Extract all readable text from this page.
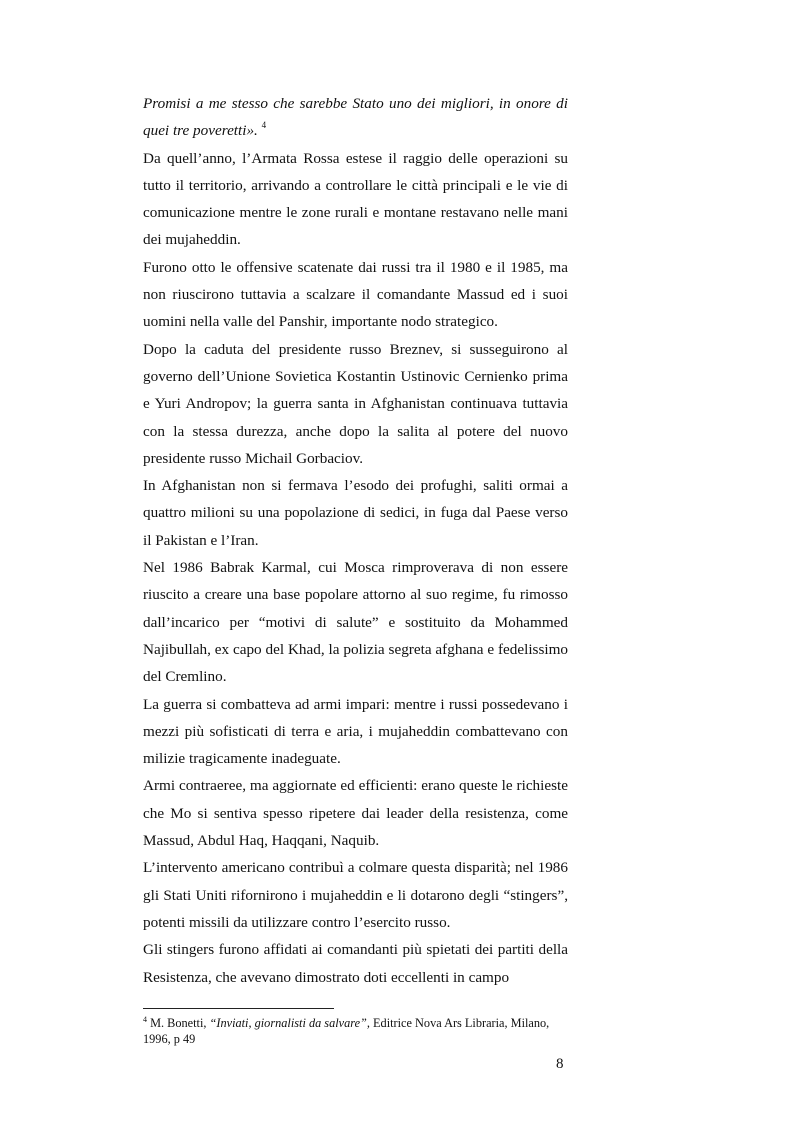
Promisi a me stesso che sarebbe Stato uno dei migliori, in onore di quei tre poveretti». $^4$

Da quell’anno, l’Armata Rossa estese il raggio delle operazioni su tutto il territorio, arrivando a controllare le città principali e le vie di comunicazione mentre le zone rurali e montane restavano nelle mani dei mujaheddin.

Furono otto le offensive scatenate dai russi tra il 1980 e il 1985, ma non riuscirono tuttavia a scalzare il comandante Massud ed i suoi uomini nella valle del Panshir, importante nodo strategico.

Dopo la caduta del presidente russo Breznev, si susseguirono al governo dell’Unione Sovietica Kostantin Ustinovic Cernienko prima e Yuri Andropov; la guerra santa in Afghanistan continuava tuttavia con la stessa durezza, anche dopo la salita al potere del nuovo presidente russo Michail Gorbaciov.

In Afghanistan non si fermava l’esodo dei profughi, saliti ormai a quattro milioni su una popolazione di sedici, in fuga dal Paese verso il Pakistan e l’Iran.

Nel 1986 Babrak Karmal, cui Mosca rimproverava di non essere riuscito a creare una base popolare attorno al suo regime, fu rimosso dall’incarico per “motivi di salute” e sostituito da Mohammed Najibullah, ex capo del Khad, la polizia segreta afghana e fedelissimo del Cremlino.

La guerra si combatteva ad armi impari: mentre i russi possedevano i mezzi più sofisticati di terra e aria, i mujaheddin combattevano con milizie tragicamente inadeguate.

Armi contraeree, ma aggiornate ed efficienti: erano queste le richieste che Mo si sentiva spesso ripetere dai leader della resistenza, come Massud, Abdul Haq, Haqqani, Naquib.

L’intervento americano contribuì a colmare questa disparità; nel 1986 gli Stati Uniti rifornirono i mujaheddin e li dotarono degli “stingers”, potenti missili da utilizzare contro l’esercito russo.

Gli stingers furono affidati ai comandanti più spietati dei partiti della Resistenza, che avevano dimostrato doti eccellenti in campo

$^4$ M. Bonetti, “Inviati, giornalisti da salvare”, Editrice Nova Ars Libraria, Milano, 1996, p 49

8
